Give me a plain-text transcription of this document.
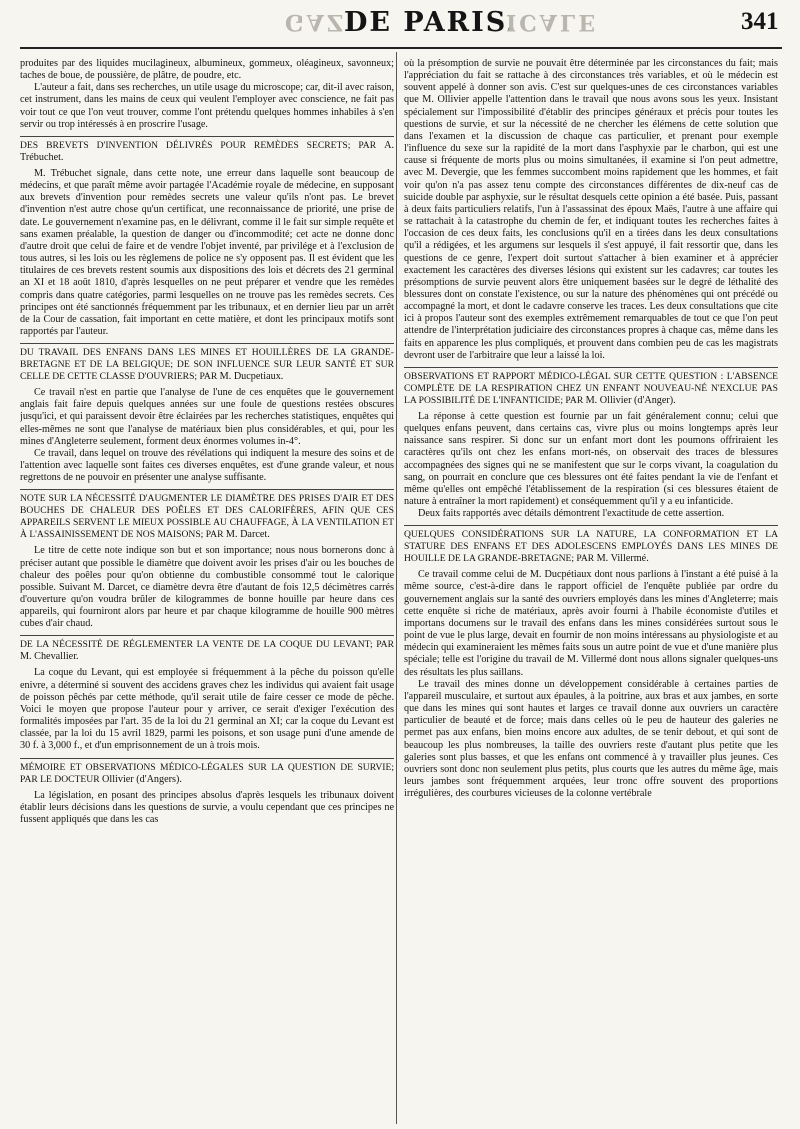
GAZ
DE PARIS.
ICALE	341

produites par des liquides mucilagineux, albumineux, gommeux, oléagineux, savonneux; taches de boue, de poussière, de plâtre, de poudre, etc.

L'auteur a fait, dans ses recherches, un utile usage du microscope; car, dit-il avec raison, cet instrument, dans les mains de ceux qui veulent l'employer avec conscience, ne fait pas voir tout ce que l'on veut trouver, comme l'ont prétendu quelques hommes inhabiles à s'en servir ou trop intéressés à en proscrire l'usage.

DES BREVETS D'INVENTION DÉLIVRÉS POUR REMÈDES SECRETS; PAR A. Trébuchet.

M. Trébuchet signale, dans cette note, une erreur dans laquelle sont beaucoup de médecins, et que paraît même avoir partagée l'Académie royale de médecine, en supposant aux brevets d'invention pour remèdes secrets une valeur qu'ils n'ont pas. Le brevet d'invention n'est autre chose qu'un certificat, une reconnaissance de priorité, une prise de date. Le gouvernement n'examine pas, en le délivrant, comme il le fait sur simple requête et sans examen préalable, la question de danger ou d'incommodité; cet acte ne donne donc d'autre droit que celui de faire et de vendre l'objet inventé, par privilége et à l'exclusion de tous autres, si les lois ou les règlemens de police ne s'y opposent pas. Il est évident que les titulaires de ces brevets restent soumis aux dispositions des lois et décrets des 21 germinal an XI et 18 août 1810, d'après lesquelles on ne peut préparer et vendre que les remèdes compris dans quatre catégories, parmi lesquelles on ne trouve pas les remèdes secrets. Ces principes ont été sanctionnés fréquemment par les tribunaux, et en dernier lieu par un arrêt de la Cour de cassation, fait important en cette matière, et dont les principaux motifs sont rapportés par l'auteur.

DU TRAVAIL DES ENFANS DANS LES MINES ET HOUILLÈRES DE LA GRANDE-BRETAGNE ET DE LA BELGIQUE; DE SON INFLUENCE SUR LEUR SANTÉ ET SUR CELLE DE CETTE CLASSE D'OUVRIERS; PAR M. Ducpetiaux.

Ce travail n'est en partie que l'analyse de l'une de ces enquêtes que le gouvernement anglais fait faire depuis quelques années sur une foule de questions restées obscures jusqu'ici, et qui paraissent devoir être éclairées par les recherches statistiques, enquêtes qui elles-mêmes ne sont que l'analyse de matériaux bien plus considérables, et qui, pour les mines d'Angleterre seulement, forment deux énormes volumes in-4°.

Ce travail, dans lequel on trouve des révélations qui indiquent la mesure des soins et de l'attention avec laquelle sont faites ces diverses enquêtes, est d'une grande valeur, et nous regrettons de ne pouvoir en présenter une analyse suffisante.

NOTE SUR LA NÉCESSITÉ D'AUGMENTER LE DIAMÈTRE DES PRISES D'AIR ET DES BOUCHES DE CHALEUR DES POÊLES ET DES CALORIFÈRES, AFIN QUE CES APPAREILS SERVENT LE MIEUX POSSIBLE AU CHAUFFAGE, À LA VENTILATION ET À L'ASSAINISSEMENT DE NOS MAISONS; PAR M. Darcet.

Le titre de cette note indique son but et son importance; nous nous bornerons donc à préciser autant que possible le diamètre que doivent avoir les prises d'air ou les bouches de chaleur des poêles pour qu'on obtienne du combustible consommé tout le calorique possible. Suivant M. Darcet, ce diamètre devra être d'autant de fois 12,5 décimètres carrés d'ouverture qu'on voudra brûler de kilogrammes de bonne houille par heure dans ces appareils, qui fourniront alors par heure et par chaque kilogramme de houille 900 mètres cubes d'air chaud.

DE LA NÉCESSITÉ DE RÉGLEMENTER LA VENTE DE LA COQUE DU LEVANT; PAR M. Chevallier.

La coque du Levant, qui est employée si fréquemment à la pêche du poisson qu'elle enivre, a déterminé si souvent des accidens graves chez les individus qui avaient fait usage de poisson pêchés par cette méthode, qu'il serait utile de faire cesser ce mode de pêche. Voici le moyen que propose l'auteur pour y arriver, ce serait d'exiger l'exécution des formalités imposées par l'art. 35 de la loi du 21 germinal an XI; car la coque du Levant est classée, par la loi du 15 avril 1829, parmi les poisons, et son usage puni d'une amende de 30 f. à 3,000 f., et d'un emprisonnement de un à trois mois.

MÉMOIRE ET OBSERVATIONS MÉDICO-LÉGALES SUR LA QUESTION DE SURVIE; PAR LE DOCTEUR Ollivier (d'Angers).

La législation, en posant des principes absolus d'après lesquels les tribunaux doivent établir leurs décisions dans les questions de survie, a voulu cependant que ces principes ne fussent appliqués que dans les cas

où la présomption de survie ne pouvait être déterminée par les circonstances du fait; mais l'appréciation du fait se rattache à des circonstances très variables, et où le médecin est souvent appelé à donner son avis. C'est sur quelques-unes de ces circonstances variables que M. Ollivier appelle l'attention dans le travail que nous avons sous les yeux. Insistant spécialement sur l'impossibilité d'établir des principes généraux et précis pour toutes les questions de survie, et sur la nécessité de ne chercher les élémens de cette solution que dans l'examen et la discussion de chaque cas particulier, et prenant pour exemple l'influence du sexe sur la rapidité de la mort dans l'asphyxie par le charbon, qui est une cause si fréquente de morts plus ou moins simultanées, il examine si l'on peut admettre, avec M. Devergie, que les femmes succombent moins rapidement que les hommes, et fait voir qu'on n'a pas assez tenu compte des circonstances différentes de dix-neuf cas de suicide double par asphyxie, sur le résultat desquels cette opinion a été basée. Puis, passant à deux faits particuliers relatifs, l'un à l'assassinat des époux Maës, l'autre à une affaire qui se rattachait à la catastrophe du chemin de fer, et indiquant toutes les recherches faites à l'occasion de ces deux faits, les conclusions qu'il en a tirées dans les deux consultations qu'il a rédigées, et les argumens sur lesquels il s'est appuyé, il fait ressortir que, dans les questions de ce genre, l'expert doit surtout s'attacher à bien examiner et à apprécier exactement les caractères des diverses lésions qui existent sur les cadavres; car toutes les présomptions de survie peuvent alors être uniquement basées sur le degré de léthalité des blessures dont on constate l'existence, ou sur la nature des phénomènes qui ont précédé ou accompagné la mort, et dont le cadavre conserve les traces. Les deux consultations que cite ici à propos l'auteur sont des exemples extrêmement remarquables de tout ce que l'on peut attendre de l'interprétation judiciaire des circonstances propres à chaque cas, même dans les faits en apparence les plus compliqués, et prouvent dans combien peu de cas les magistrats devront user de l'arbitraire que leur a laissé la loi.

OBSERVATIONS ET RAPPORT MÉDICO-LÉGAL SUR CETTE QUESTION : L'ABSENCE COMPLÈTE DE LA RESPIRATION CHEZ UN ENFANT NOUVEAU-NÉ N'EXCLUE PAS LA POSSIBILITÉ DE L'INFANTICIDE; PAR M. Ollivier (d'Anger).

La réponse à cette question est fournie par un fait généralement connu; celui que quelques enfans peuvent, dans certains cas, vivre plus ou moins longtemps après leur naissance sans respirer. Si donc sur un enfant mort dont les poumons offriraient les caractères qu'ils ont chez les enfans mort-nés, on observait des traces de blessures accompagnées des signes qui ne se manifestent que sur le corps vivant, la coagulation du sang, on pourrait en conclure que ces blessures ont été faites pendant la vie de l'enfant et même qu'elles ont empêché l'établissement de la respiration (si ces blessures étaient de nature à entraîner la mort rapidement) et conséquemment qu'il y a eu infanticide.

Deux faits rapportés avec détails démontrent l'exactitude de cette assertion.

QUELQUES CONSIDÉRATIONS SUR LA NATURE, LA CONFORMATION ET LA STATURE DES ENFANS ET DES ADOLESCENS EMPLOYÉS DANS LES MINES DE HOUILLE DE LA GRANDE-BRETAGNE; PAR M. Villermé.

Ce travail comme celui de M. Ducpétiaux dont nous parlions à l'instant a été puisé à la même source, c'est-à-dire dans le rapport officiel de l'enquête publiée par ordre du gouvernement anglais sur la santé des ouvriers employés dans les mines d'Angleterre; mais cette enquête si riche de matériaux, après avoir fourni à l'habile économiste d'utiles et importans documens sur le travail des enfans dans les mines considérées surtout sous le point de vue le plus large, devait en fournir de non moins intéressans au physiologiste et au médecin qui examineraient les mêmes faits sous un autre point de vue et d'une manière plus spéciale; telle est l'origine du travail de M. Villermé dont nous allons signaler quelques-uns des résultats les plus saillans.

Le travail des mines donne un développement considérable à certaines parties de l'appareil musculaire, et surtout aux épaules, à la poitrine, aux bras et aux jambes, en sorte que dans les mines qui sont hautes et larges ce travail donne aux ouvriers un caractère particulier de beauté et de force; mais dans celles où le peu de hauteur des galeries ne permet pas aux enfans, bien moins encore aux adultes, de se tenir debout, et qui sont de beaucoup les plus nombreuses, la taille des ouvriers reste d'autant plus petite que les galeries sont plus basses, et que les enfans ont commencé à y travailler plus jeunes. Ces ouvriers sont donc non seulement plus petits, plus courts que les autres du même âge, mais leurs jambes sont fréquemment arquées, leur tronc offre souvent des proportions irrégulières, des courbures vicieuses de la colonne vertébrale
